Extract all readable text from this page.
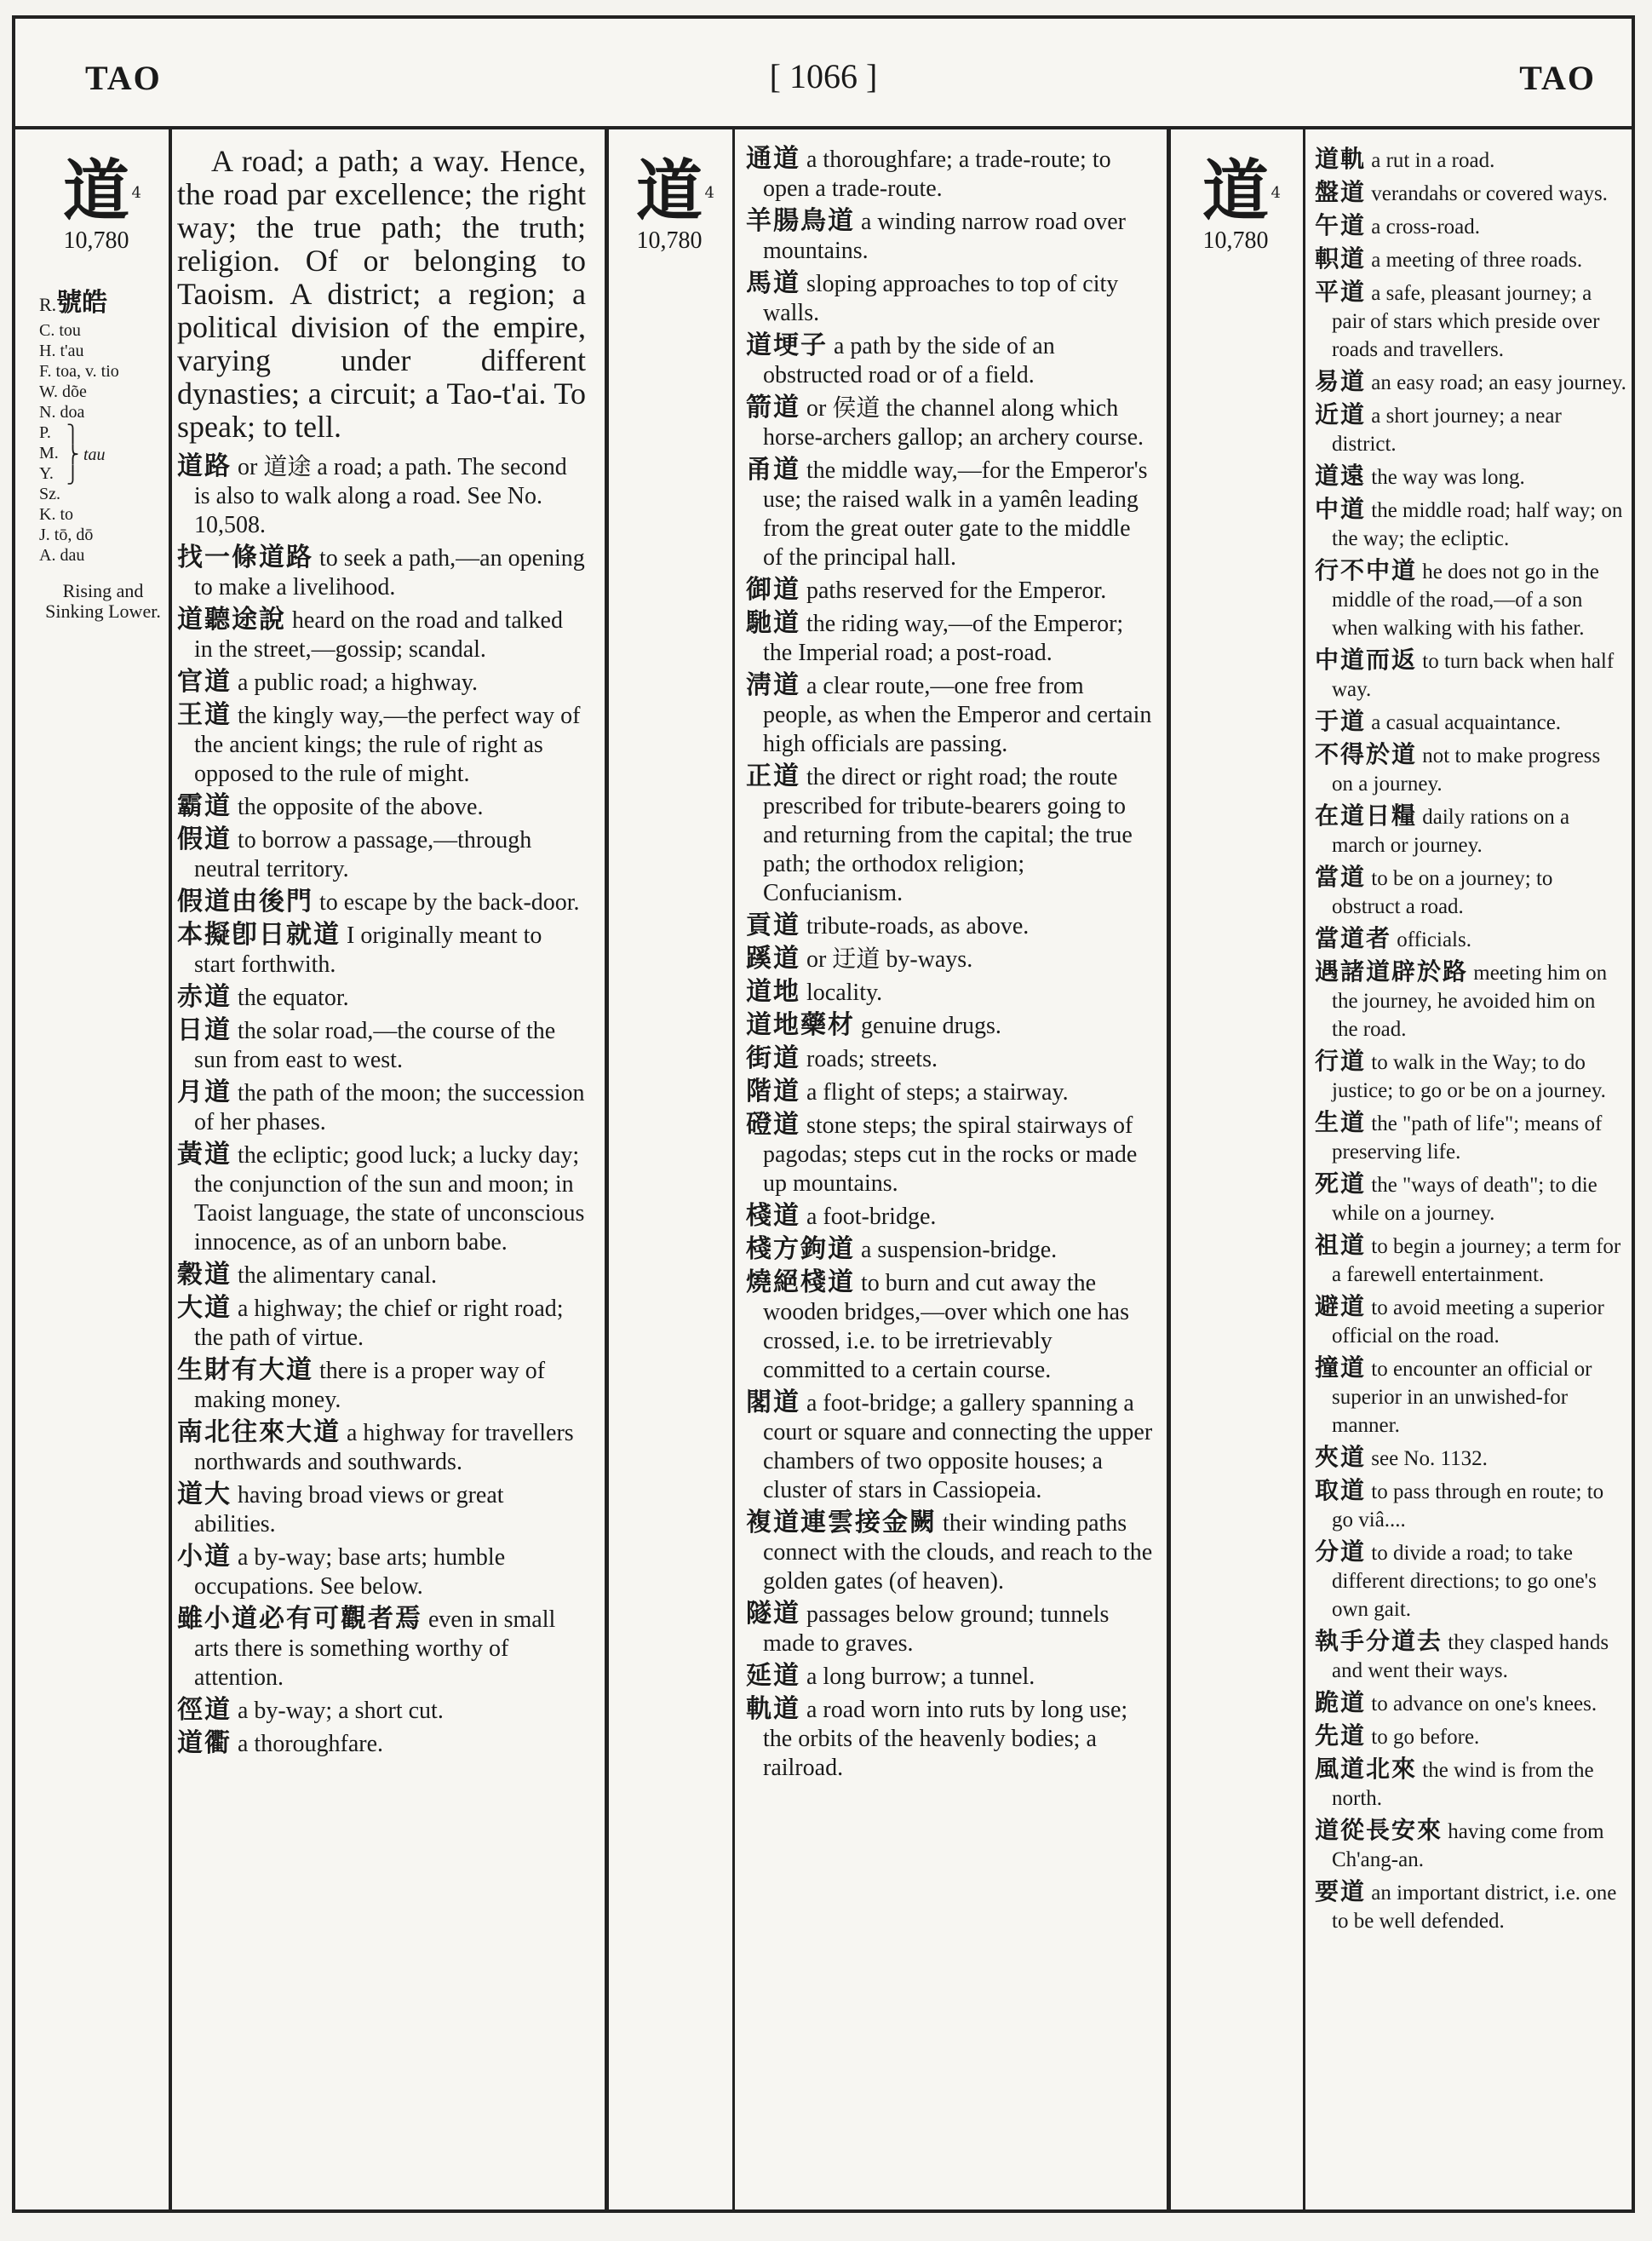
TAO	[ 1066 ]	TAO
道 4
10,780
道 4
10,780
道 4
10,780
R.號皓
C. tou
H. t'au
F. toa, v. tio
W. dõe
N. doa
P.
M.
Y.
Sz.
⎫
⎬ tau
⎭
K. to
J. tō, dō
A. dau
Rising and Sinking Lower.
A road; a path; a way. Hence, the road par excellence; the right way; the true path; the truth; religion. Of or belonging to Taoism. A district; a region; a political division of the empire, varying under different dynasties; a circuit; a Tao-t'ai. To speak; to tell.
道路 or 道途 a road; a path. The second is also to walk along a road. See No. 10,508.
找一條道路 to seek a path,—an opening to make a livelihood.
道聽途說 heard on the road and talked in the street,—gossip; scandal.
官道 a public road; a highway.
王道 the kingly way,—the perfect way of the ancient kings; the rule of right as opposed to the rule of might.
霸道 the opposite of the above.
假道 to borrow a passage,—through neutral territory.
假道由後門 to escape by the back-door.
本擬卽日就道 I originally meant to start forthwith.
赤道 the equator.
日道 the solar road,—the course of the sun from east to west.
月道 the path of the moon; the succession of her phases.
黃道 the ecliptic; good luck; a lucky day; the conjunction of the sun and moon; in Taoist language, the state of unconscious innocence, as of an unborn babe.
穀道 the alimentary canal.
大道 a highway; the chief or right road; the path of virtue.
生財有大道 there is a proper way of making money.
南北往來大道 a highway for travellers northwards and southwards.
道大 having broad views or great abilities.
小道 a by-way; base arts; humble occupations. See below.
雖小道必有可觀者焉 even in small arts there is something worthy of attention.
徑道 a by-way; a short cut.
道衢 a thoroughfare.
通道 a thoroughfare; a trade-route; to open a trade-route.
羊腸鳥道 a winding narrow road over mountains.
馬道 sloping approaches to top of city walls.
道埂子 a path by the side of an obstructed road or of a field.
箭道 or 侯道 the channel along which horse-archers gallop; an archery course.
甬道 the middle way,—for the Emperor's use; the raised walk in a yamên leading from the great outer gate to the middle of the principal hall.
御道 paths reserved for the Emperor.
馳道 the riding way,—of the Emperor; the Imperial road; a post-road.
淸道 a clear route,—one free from people, as when the Emperor and certain high officials are passing.
正道 the direct or right road; the route prescribed for tribute-bearers going to and returning from the capital; the true path; the orthodox religion; Confucianism.
貢道 tribute-roads, as above.
蹊道 or 迂道 by-ways.
道地 locality.
道地藥材 genuine drugs.
街道 roads; streets.
階道 a flight of steps; a stairway.
磴道 stone steps; the spiral stairways of pagodas; steps cut in the rocks or made up mountains.
棧道 a foot-bridge.
棧方鉤道 a suspension-bridge.
燒絕棧道 to burn and cut away the wooden bridges,—over which one has crossed, i.e. to be irretrievably committed to a certain course.
閣道 a foot-bridge; a gallery spanning a court or square and connecting the upper chambers of two opposite houses; a cluster of stars in Cassiopeia.
複道連雲接金闕 their winding paths connect with the clouds, and reach to the golden gates (of heaven).
隧道 passages below ground; tunnels made to graves.
延道 a long burrow; a tunnel.
軌道 a road worn into ruts by long use; the orbits of the heavenly bodies; a railroad.
道軌 a rut in a road.
盤道 verandahs or covered ways.
午道 a cross-road.
軹道 a meeting of three roads.
平道 a safe, pleasant journey; a pair of stars which preside over roads and travellers.
易道 an easy road; an easy journey.
近道 a short journey; a near district.
道遠 the way was long.
中道 the middle road; half way; on the way; the ecliptic.
行不中道 he does not go in the middle of the road,—of a son when walking with his father.
中道而返 to turn back when half way.
于道 a casual acquaintance.
不得於道 not to make progress on a journey.
在道日糧 daily rations on a march or journey.
當道 to be on a journey; to obstruct a road.
當道者 officials.
遇諸道辟於路 meeting him on the journey, he avoided him on the road.
行道 to walk in the Way; to do justice; to go or be on a journey.
生道 the "path of life"; means of preserving life.
死道 the "ways of death"; to die while on a journey.
祖道 to begin a journey; a term for a farewell entertainment.
避道 to avoid meeting a superior official on the road.
撞道 to encounter an official or superior in an unwished-for manner.
夾道 see No. 1132.
取道 to pass through en route; to go viâ....
分道 to divide a road; to take different directions; to go one's own gait.
執手分道去 they clasped hands and went their ways.
跪道 to advance on one's knees.
先道 to go before.
風道北來 the wind is from the north.
道從長安來 having come from Ch'ang-an.
要道 an important district, i.e. one to be well defended.
